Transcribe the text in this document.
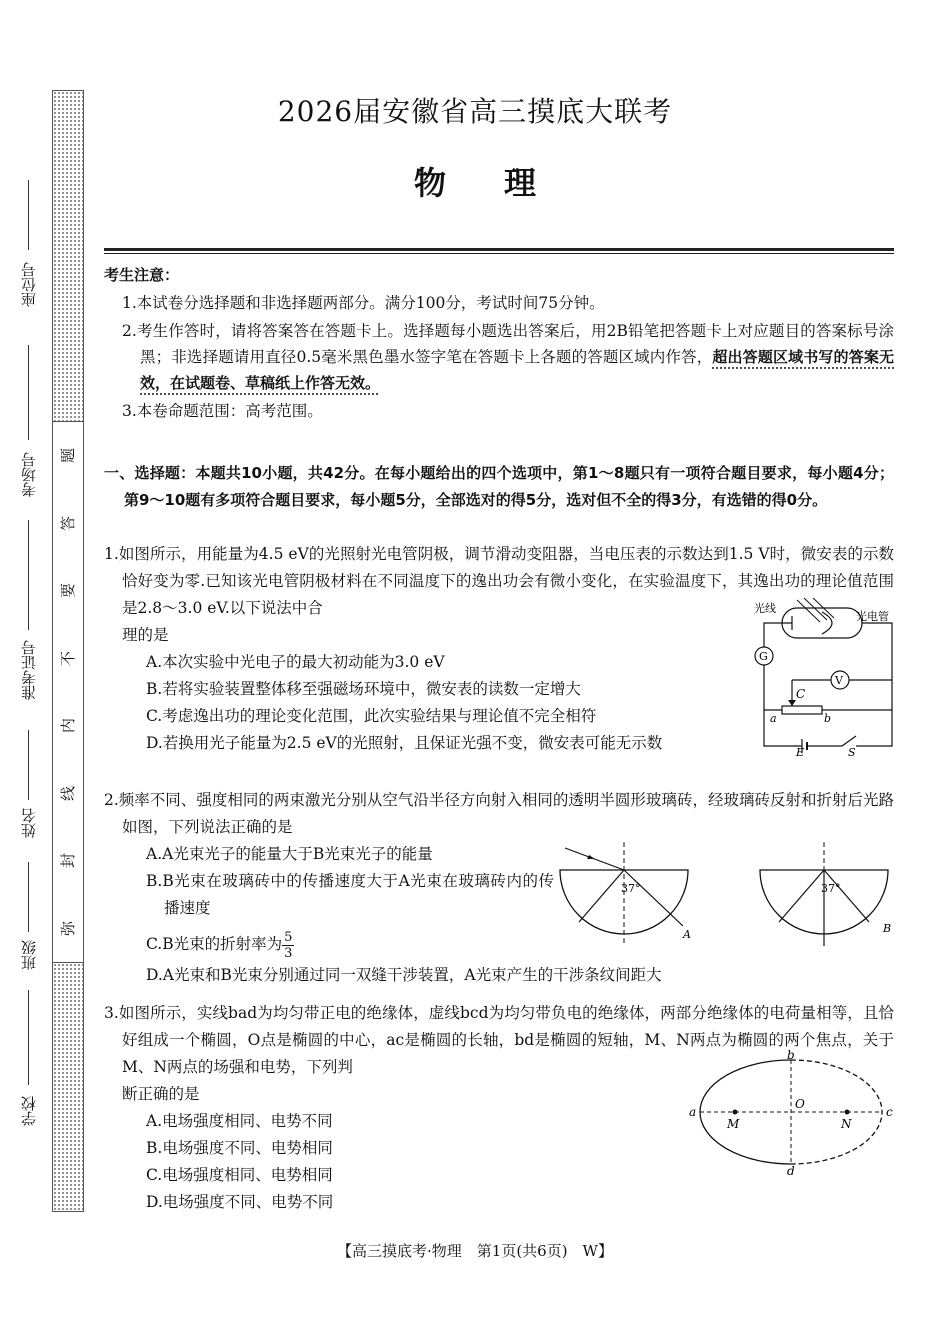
题
答
要
不
内
线
封
弥
座位号
考场号
准考证号
姓名
班级
学校
2026届安徽省高三摸底大联考
物理
考生注意：

1.本试卷分选择题和非选择题两部分。满分100分，考试时间75分钟。

2.考生作答时，请将答案答在答题卡上。选择题每小题选出答案后，用2B铅笔把答题卡上对应题目的答案标号涂黑；非选择题请用直径0.5毫米黑色墨水签字笔在答题卡上各题的答题区域内作答，超出答题区域书写的答案无效，在试题卷、草稿纸上作答无效。

3.本卷命题范围：高考范围。

一、选择题：本题共10小题，共42分。在每小题给出的四个选项中，第1～8题只有一项符合题目要求，每小题4分；第9～10题有多项符合题目要求，每小题5分，全部选对的得5分，选对但不全的得3分，有选错的得0分。
1.如图所示，用能量为4.5 eV的光照射光电管阴极，调节滑动变阻器，当电压表的示数达到1.5 V时，微安表的示数恰好变为零.已知该光电管阴极材料在不同温度下的逸出功会有微小变化，在实验温度下，其逸出功的理论值范围是2.8～3.0 eV.以下说法中合
理的是
A.本次实验中光电子的最大初动能为3.0 eV
B.若将实验装置整体移至强磁场环境中，微安表的读数一定增大
C.考虑逸出功的理论变化范围，此次实验结果与理论值不完全相符
D.若换用光子能量为2.5 eV的光照射，且保证光强不变，微安表可能无示数
光线
光电管
G
V
C
a	b
E	S
2.频率不同、强度相同的两束激光分别从空气沿半径方向射入相同的透明半圆形玻璃砖，经玻璃砖反射和折射后光路如图，下列说法正确的是
A.A光束光子的能量大于B光束光子的能量
B.B光束在玻璃砖中的传播速度大于A光束在玻璃砖内的传播速度
C.B光束的折射率为 $\frac{5}{3}$
D.A光束和B光束分别通过同一双缝干涉装置，A光束产生的干涉条纹间距大
37°
A
37°
B
3.如图所示，实线bad为均匀带正电的绝缘体，虚线bcd为均匀带负电的绝缘体，两部分绝缘体的电荷量相等，且恰好组成一个椭圆，O点是椭圆的中心，ac是椭圆的长轴，bd是椭圆的短轴，M、N两点为椭圆的两个焦点，关于M、N两点的场强和电势，下列判
断正确的是
A.电场强度相同、电势不同
B.电场强度不同、电势相同
C.电场强度相同、电势相同
D.电场强度不同、电势不同
a	c
b
d
O
M	N
【高三摸底考·物理　第1页(共6页)　W】
